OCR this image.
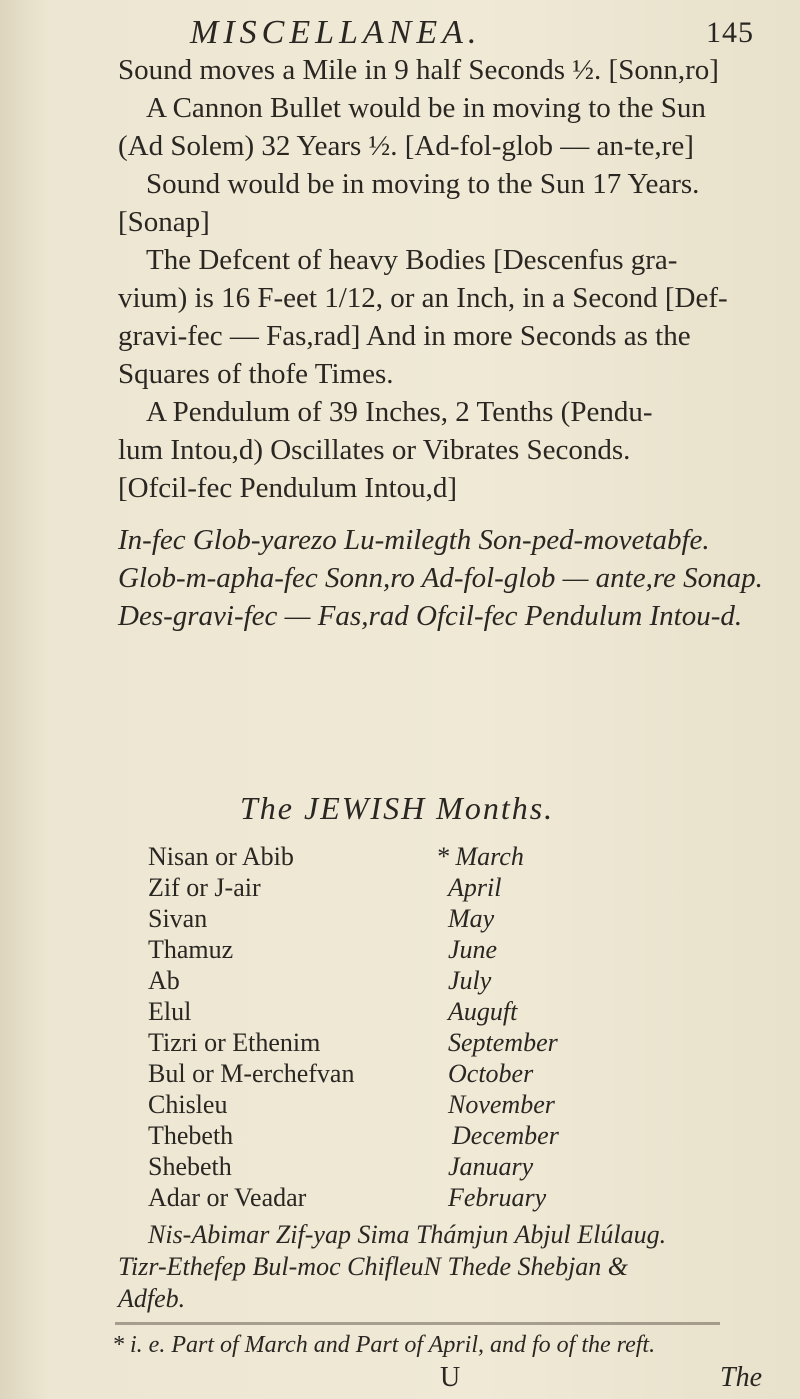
MISCELLANEA.	145
Sound moves a Mile in 9 half Seconds ½. [Sonn,ro]
A Cannon Bullet would be in moving to the Sun
(Ad Solem) 32 Years ½. [Ad-fol-glob — an-te,re]
Sound would be in moving to the Sun 17 Years.
[Sonap]
The Defcent of heavy Bodies [Descenfus gra-
vium) is 16 F-eet 1/12, or an Inch, in a Second [Def-
gravi-fec — Fas,rad] And in more Seconds as the
Squares of thofe Times.
A Pendulum of 39 Inches, 2 Tenths (Pendu-
lum Intou,d) Oscillates or Vibrates Seconds.
[Ofcil-fec Pendulum Intou,d]
In-fec Glob-yarezo Lu-milegth Son-ped-movetabfe.
Glob-m-apha-fec Sonn,ro Ad-fol-glob — ante,re Sonap.
Des-gravi-fec — Fas,rad Ofcil-fec Pendulum Intou-d.
The JEWISH Months.
Nisan or Abib	* March
Zif or J-air	April
Sivan	May
Thamuz	June
Ab	July
Elul	Auguft
Tizri or Ethenim	September
Bul or M-erchefvan	October
Chisleu	November
Thebeth	December
Shebeth	January
Adar or Veadar	February
Nis-Abimar Zif-yap Sima Thámjun Abjul Elúlaug.
Tizr-Ethefep Bul-moc ChifleuN Thede Shebjan &
Adfeb.
* i. e. Part of March and Part of April, and fo of the reft.
U	The
